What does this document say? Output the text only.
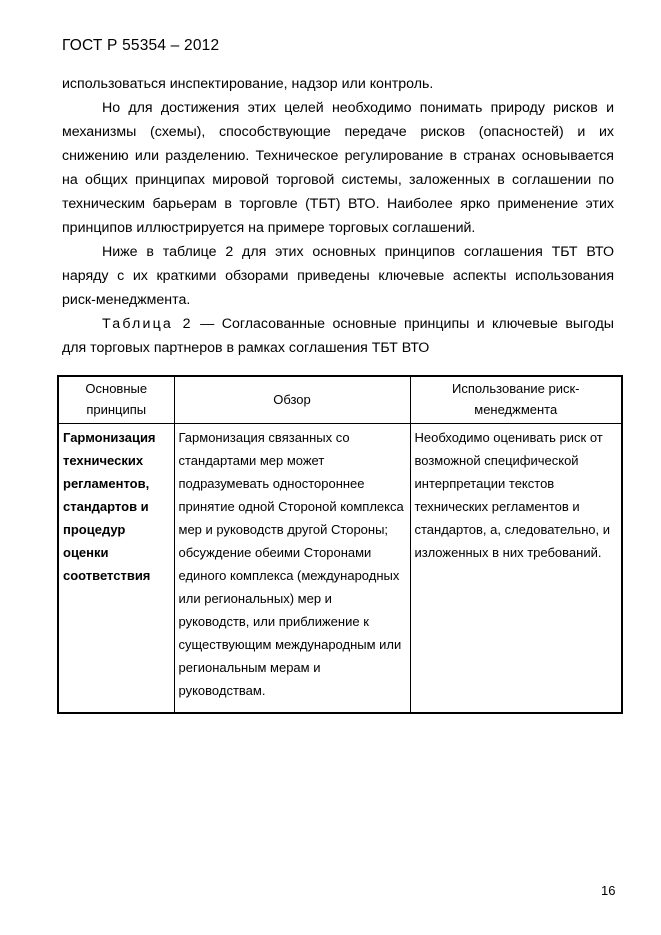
ГОСТ Р 55354 – 2012

использоваться инспектирование, надзор или контроль.

Но для достижения этих целей необходимо понимать природу рисков и механизмы (схемы), способствующие передаче рисков (опасностей) и их снижению или разделению. Техническое регулирование в странах основывается на общих принципах мировой торговой системы, заложенных в соглашении по техническим барьерам в торговле (ТБТ) ВТО. Наиболее ярко применение этих принципов иллюстрируется на примере торговых соглашений.

Ниже в таблице 2 для этих основных принципов соглашения ТБТ ВТО наряду с их краткими обзорами приведены ключевые аспекты использования риск-менеджмента.

Таблица 2 — Согласованные основные принципы и ключевые выгоды для торговых партнеров в рамках соглашения ТБТ ВТО

Основные принципы	Обзор	Использование риск-менеджмента
Гармонизация технических регламентов, стандартов и процедур оценки соответствия	Гармонизация связанных со стандартами мер может подразумевать одностороннее принятие одной Стороной комплекса мер и руководств другой Стороны; обсуждение обеими Сторонами единого комплекса (международных или региональных) мер и руководств, или приближение к существующим международным или региональным мерам и руководствам.	Необходимо оценивать риск от возможной специфической интерпретации текстов технических регламентов и стандартов, а, следовательно, и изложенных в них требований.
16
